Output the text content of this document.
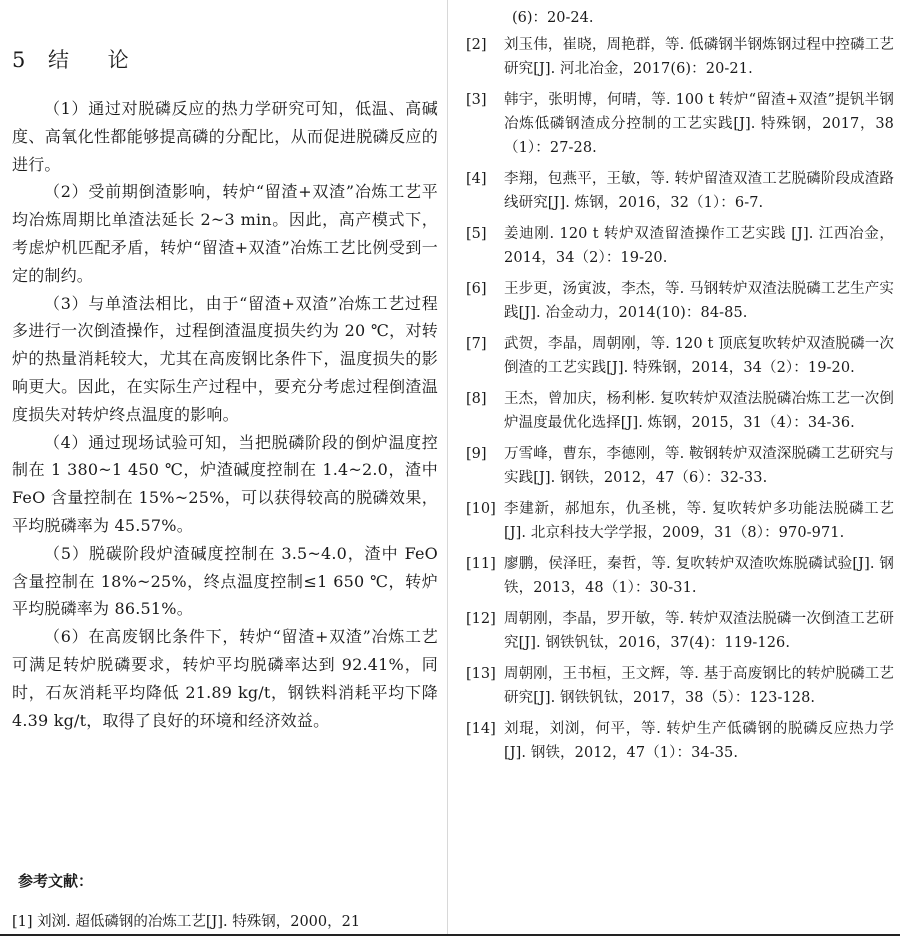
5 结 论

（1）通过对脱磷反应的热力学研究可知，低温、高碱度、高氧化性都能够提高磷的分配比，从而促进脱磷反应的进行。

（2）受前期倒渣影响，转炉“留渣+双渣”冶炼工艺平均冶炼周期比单渣法延长 2~3 min。因此，高产模式下，考虑炉机匹配矛盾，转炉“留渣+双渣”冶炼工艺比例受到一定的制约。

（3）与单渣法相比，由于“留渣+双渣”冶炼工艺过程多进行一次倒渣操作，过程倒渣温度损失约为 20 ℃，对转炉的热量消耗较大，尤其在高废钢比条件下，温度损失的影响更大。因此，在实际生产过程中，要充分考虑过程倒渣温度损失对转炉终点温度的影响。

（4）通过现场试验可知，当把脱磷阶段的倒炉温度控制在 1 380~1 450 ℃，炉渣碱度控制在 1.4~2.0，渣中 FeO 含量控制在 15%~25%，可以获得较高的脱磷效果，平均脱磷率为 45.57%。

（5）脱碳阶段炉渣碱度控制在 3.5~4.0，渣中 FeO 含量控制在 18%~25%，终点温度控制≤1 650 ℃，转炉平均脱磷率为 86.51%。

（6）在高废钢比条件下，转炉“留渣+双渣”冶炼工艺可满足转炉脱磷要求，转炉平均脱磷率达到 92.41%，同时，石灰消耗平均降低 21.89 kg/t，钢铁料消耗平均下降 4.39 kg/t，取得了良好的环境和经济效益。

参考文献：
[1] 刘浏. 超低磷钢的冶炼工艺[J]. 特殊钢，2000，21
(6)：20-24.
[2]	刘玉伟，崔晓，周艳群，等. 低磷钢半钢炼钢过程中控磷工艺研究[J]. 河北冶金，2017(6)：20-21.
[3]	韩宇，张明博，何晴，等. 100 t 转炉“留渣+双渣”提钒半钢冶炼低磷钢渣成分控制的工艺实践[J]. 特殊钢，2017，38（1）：27-28.
[4]	李翔，包燕平，王敏，等. 转炉留渣双渣工艺脱磷阶段成渣路线研究[J]. 炼钢，2016，32（1）：6-7.
[5]	姜迪刚. 120 t 转炉双渣留渣操作工艺实践 [J]. 江西冶金，2014，34（2）：19-20.
[6]	王步更，汤寅波，李杰，等. 马钢转炉双渣法脱磷工艺生产实践[J]. 冶金动力，2014(10)：84-85.
[7]	武贺，李晶，周朝刚，等. 120 t 顶底复吹转炉双渣脱磷一次倒渣的工艺实践[J]. 特殊钢，2014，34（2）：19-20.
[8]	王杰，曾加庆，杨利彬. 复吹转炉双渣法脱磷冶炼工艺一次倒炉温度最优化选择[J]. 炼钢，2015，31（4）：34-36.
[9]	万雪峰，曹东，李德刚，等. 鞍钢转炉双渣深脱磷工艺研究与实践[J]. 钢铁，2012，47（6）：32-33.
[10] 李建新，郝旭东，仇圣桃，等. 复吹转炉多功能法脱磷工艺 [J]. 北京科技大学学报，2009，31（8）：970-971.
[11] 廖鹏，侯泽旺，秦哲，等. 复吹转炉双渣吹炼脱磷试验[J]. 钢铁，2013，48（1）：30-31.
[12] 周朝刚，李晶，罗开敏，等. 转炉双渣法脱磷一次倒渣工艺研究[J]. 钢铁钒钛，2016，37(4)：119-126.
[13] 周朝刚，王书桓，王文辉，等. 基于高废钢比的转炉脱磷工艺研究[J]. 钢铁钒钛，2017，38（5）：123-128.
[14] 刘琨，刘浏，何平，等. 转炉生产低磷钢的脱磷反应热力学[J]. 钢铁，2012，47（1）：34-35.
